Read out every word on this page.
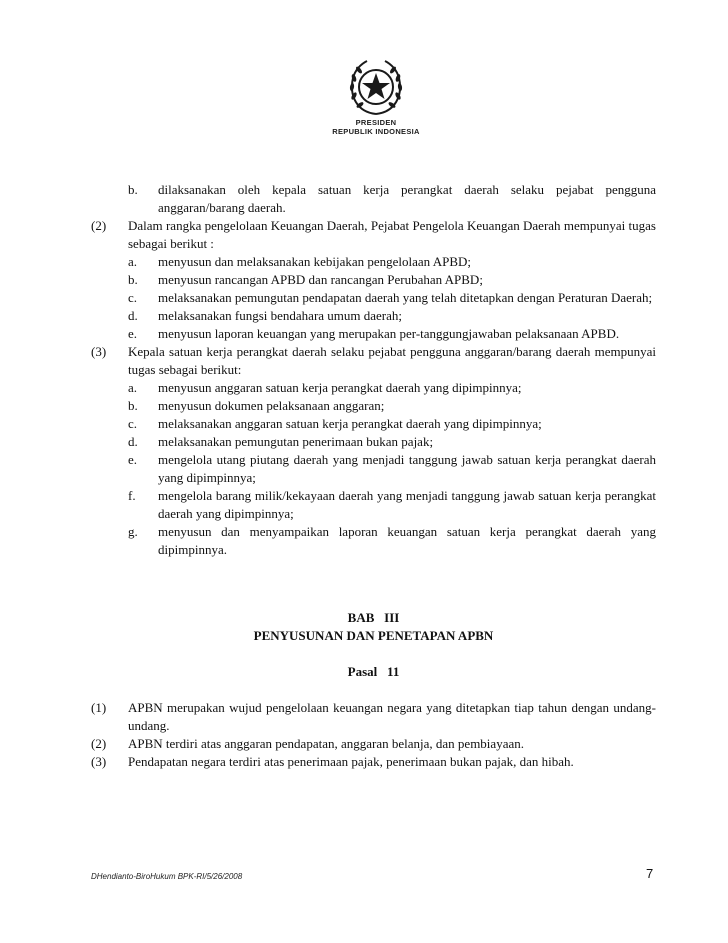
PRESIDEN
REPUBLIK INDONESIA
b.	dilaksanakan oleh kepala satuan kerja perangkat daerah selaku pejabat pengguna anggaran/barang daerah.
(2)	Dalam rangka pengelolaan Keuangan Daerah, Pejabat Pengelola Keuangan Daerah mempunyai tugas sebagai berikut :
a.	menyusun dan melaksanakan kebijakan pengelolaan APBD;
b.	menyusun rancangan APBD dan rancangan Perubahan APBD;
c.	melaksanakan pemungutan pendapatan daerah yang telah ditetapkan dengan Peraturan Daerah;
d.	melaksanakan fungsi bendahara umum daerah;
e.	menyusun laporan keuangan yang merupakan per-tanggungjawaban pelaksanaan APBD.
(3)	Kepala satuan kerja perangkat daerah selaku pejabat pengguna anggaran/barang daerah mempunyai tugas sebagai berikut:
a.	menyusun anggaran satuan kerja perangkat daerah yang dipimpinnya;
b.	menyusun dokumen pelaksanaan anggaran;
c.	melaksanakan anggaran satuan kerja perangkat daerah yang dipimpinnya;
d.	melaksanakan pemungutan penerimaan bukan pajak;
e.	mengelola utang piutang daerah yang menjadi tanggung jawab satuan kerja perangkat daerah yang dipimpinnya;
f.	mengelola barang milik/kekayaan daerah yang menjadi tanggung jawab satuan kerja perangkat daerah yang dipimpinnya;
g.	menyusun dan menyampaikan laporan keuangan satuan kerja perangkat daerah yang dipimpinnya.
BAB   III
PENYUSUNAN DAN PENETAPAN APBN
Pasal   11
(1)	APBN merupakan wujud pengelolaan keuangan negara yang ditetapkan tiap tahun dengan undang-undang.
(2)	APBN terdiri atas anggaran pendapatan, anggaran belanja, dan pembiayaan.
(3)	Pendapatan negara terdiri atas penerimaan pajak, penerimaan bukan pajak, dan hibah.
DHendianto-BiroHukum BPK-RI/5/26/2008	7
